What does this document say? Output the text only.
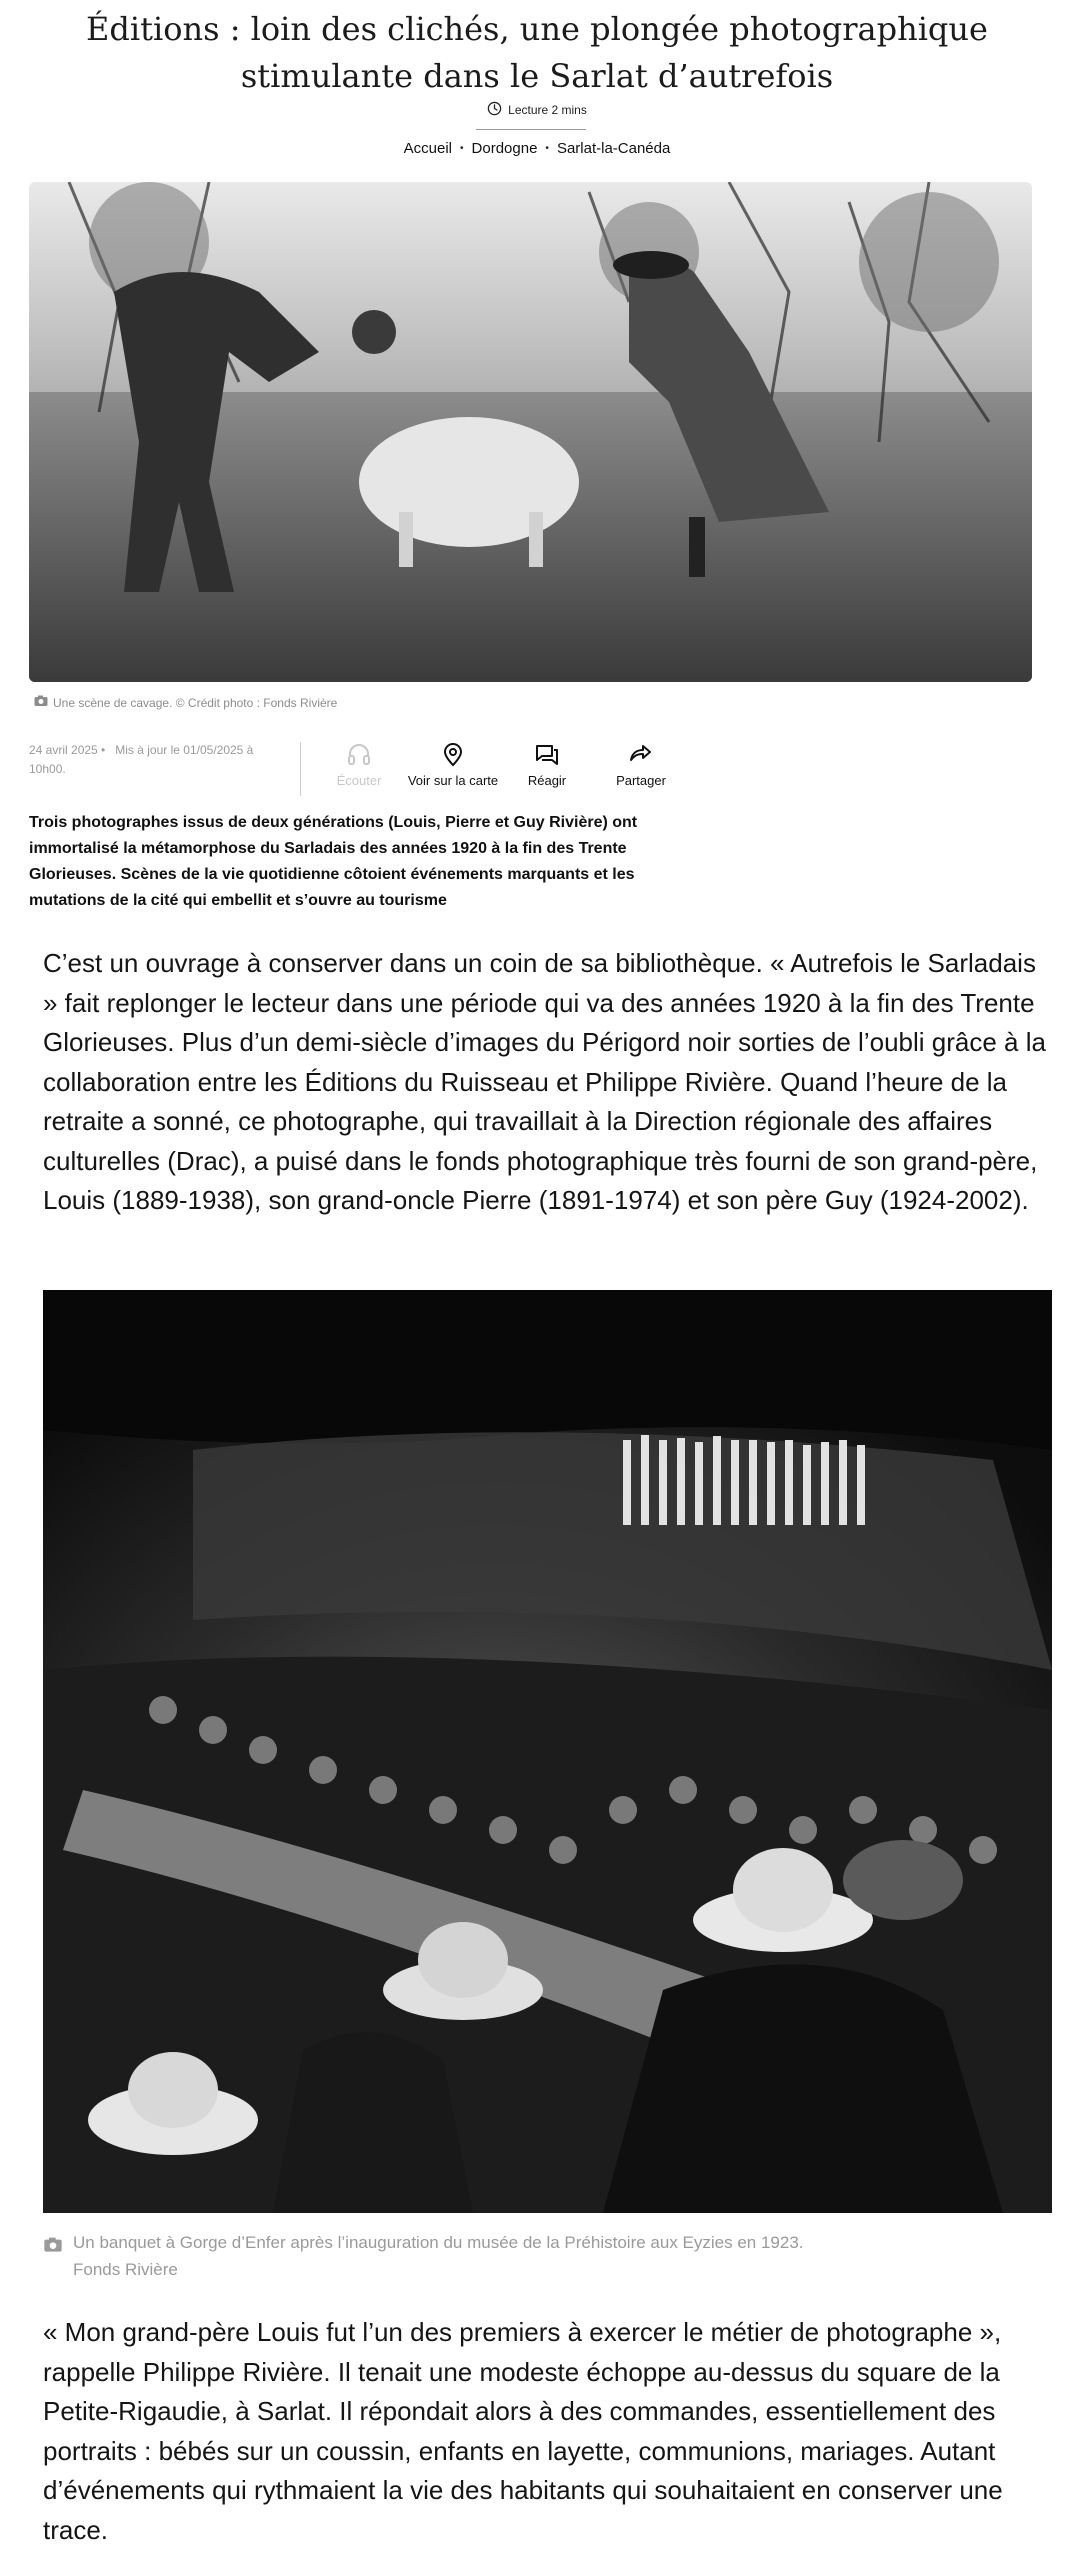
Éditions : loin des clichés, une plongée photographique stimulante dans le Sarlat d’autrefois
Lecture 2 mins
Accueil • Dordogne • Sarlat-la-Canéda
Une scène de cavage. © Crédit photo : Fonds Rivière
24 avril 2025 • Mis à jour le 01/05/2025 à 10h00.
Écouter Voir sur la carte Réagir	Partager

Trois photographes issus de deux générations (Louis, Pierre et Guy Rivière) ont immortalisé la métamorphose du Sarladais des années 1920 à la fin des Trente Glorieuses. Scènes de la vie quotidienne côtoient événements marquants et les mutations de la cité qui embellit et s’ouvre au tourisme

C’est un ouvrage à conserver dans un coin de sa bibliothèque. « Autrefois le Sarladais » fait replonger le lecteur dans une période qui va des années 1920 à la fin des Trente Glorieuses. Plus d’un demi-siècle d’images du Périgord noir sorties de l’oubli grâce à la collaboration entre les Éditions du Ruisseau et Philippe Rivière. Quand l’heure de la retraite a sonné, ce photographe, qui travaillait à la Direction régionale des affaires culturelles (Drac), a puisé dans le fonds photographique très fourni de son grand-père, Louis (1889-1938), son grand-oncle Pierre (1891-1974) et son père Guy (1924-2002).

Un banquet à Gorge d’Enfer après l’inauguration du musée de la Préhistoire aux Eyzies en 1923.
Fonds Rivière

« Mon grand-père Louis fut l’un des premiers à exercer le métier de photographe », rappelle Philippe Rivière. Il tenait une modeste échoppe au-dessus du square de la Petite-Rigaudie, à Sarlat. Il répondait alors à des commandes, essentiellement des portraits : bébés sur un coussin, enfants en layette, communions, mariages. Autant d’événements qui rythmaient la vie des habitants qui souhaitaient en conserver une trace.
